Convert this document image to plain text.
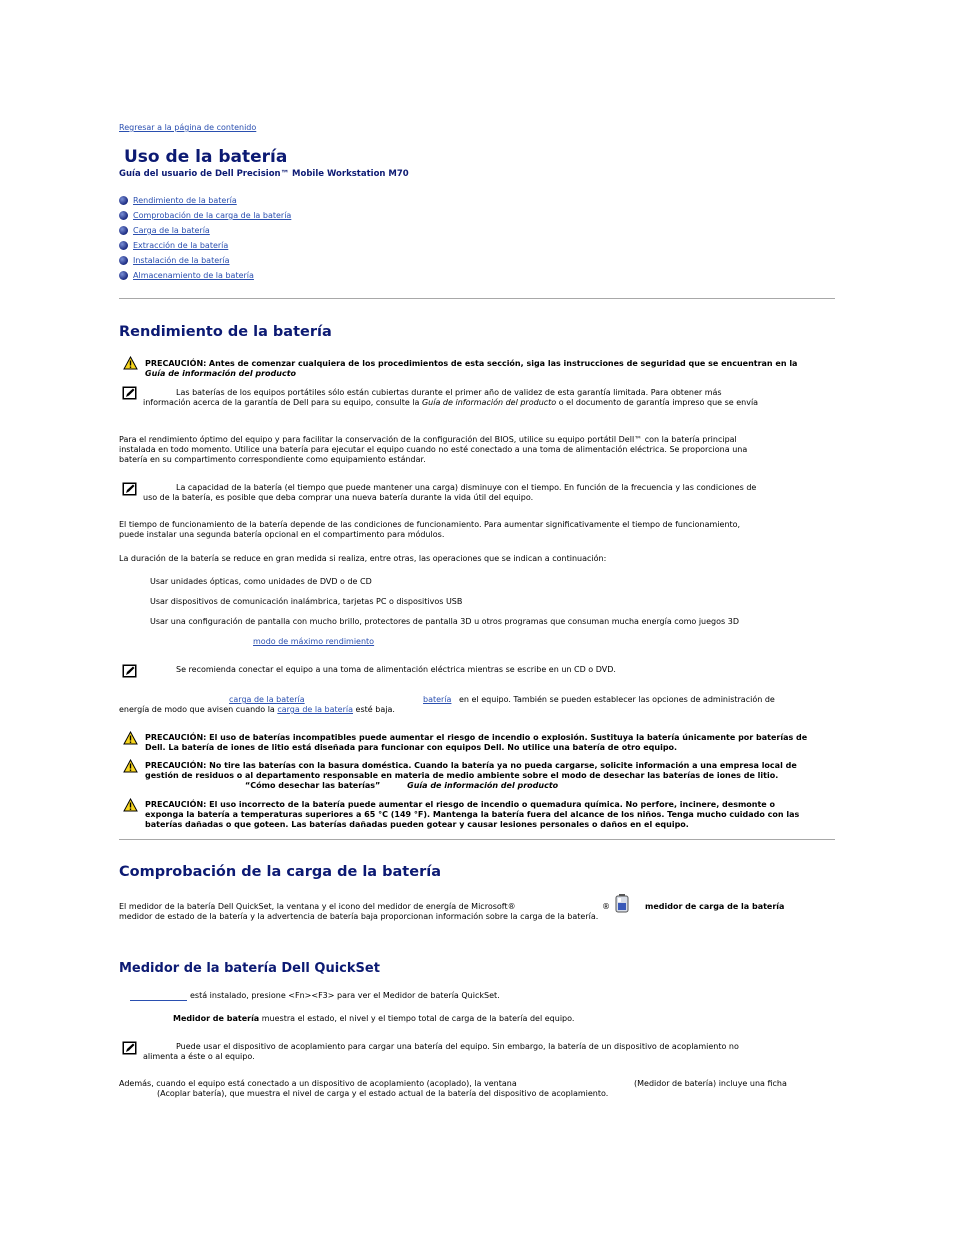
Regresar a la página de contenido
Uso de la batería
Guía del usuario de Dell Precision™ Mobile Workstation M70
Rendimiento de la batería
Comprobación de la carga de la batería
Carga de la batería
Extracción de la batería
Instalación de la batería
Almacenamiento de la batería
Rendimiento de la batería
PRECAUCIÓN: Antes de comenzar cualquiera de los procedimientos de esta sección, siga las instrucciones de seguridad que se encuentran en la
Guía de información del producto
Las baterías de los equipos portátiles sólo están cubiertas durante el primer año de validez de esta garantía limitada. Para obtener más
información acerca de la garantía de Dell para su equipo, consulte la Guía de información del producto o el documento de garantía impreso que se envía
Para el rendimiento óptimo del equipo y para facilitar la conservación de la configuración del BIOS, utilice su equipo portátil Dell™ con la batería principal
instalada en todo momento. Utilice una batería para ejecutar el equipo cuando no esté conectado a una toma de alimentación eléctrica. Se proporciona una
batería en su compartimento correspondiente como equipamiento estándar.
La capacidad de la batería (el tiempo que puede mantener una carga) disminuye con el tiempo. En función de la frecuencia y las condiciones de
uso de la batería, es posible que deba comprar una nueva batería durante la vida útil del equipo.
El tiempo de funcionamiento de la batería depende de las condiciones de funcionamiento. Para aumentar significativamente el tiempo de funcionamiento,
puede instalar una segunda batería opcional en el compartimento para módulos.
La duración de la batería se reduce en gran medida si realiza, entre otras, las operaciones que se indican a continuación:
Usar unidades ópticas, como unidades de DVD o de CD
Usar dispositivos de comunicación inalámbrica, tarjetas PC o dispositivos USB
Usar una configuración de pantalla con mucho brillo, protectores de pantalla 3D u otros programas que consuman mucha energía como juegos 3D
modo de máximo rendimiento
Se recomienda conectar el equipo a una toma de alimentación eléctrica mientras se escribe en un CD o DVD.
carga de la batería	batería en el equipo. También se pueden establecer las opciones de administración de
energía de modo que avisen cuando la carga de la batería esté baja.
PRECAUCIÓN: El uso de baterías incompatibles puede aumentar el riesgo de incendio o explosión. Sustituya la batería únicamente por baterías de
Dell. La batería de iones de litio está diseñada para funcionar con equipos Dell. No utilice una batería de otro equipo.
PRECAUCIÓN: No tire las baterías con la basura doméstica. Cuando la batería ya no pueda cargarse, solicite información a una empresa local de
gestión de residuos o al departamento responsable en materia de medio ambiente sobre el modo de desechar las baterías de iones de litio.
“Cómo desechar las baterías”	Guía de información del producto
PRECAUCIÓN: El uso incorrecto de la batería puede aumentar el riesgo de incendio o quemadura química. No perfore, incinere, desmonte o
exponga la batería a temperaturas superiores a 65 °C (149 °F). Mantenga la batería fuera del alcance de los niños. Tenga mucho cuidado con las
baterías dañadas o que goteen. Las baterías dañadas pueden gotear y causar lesiones personales o daños en el equipo.
Comprobación de la carga de la batería
El medidor de la batería Dell QuickSet, la ventana y el icono del medidor de energía de Microsoft®	®	medidor de carga de la batería
medidor de estado de la batería y la advertencia de batería baja proporcionan información sobre la carga de la batería.
Medidor de la batería Dell QuickSet
está instalado, presione <Fn><F3> para ver el Medidor de batería QuickSet.
Medidor de batería muestra el estado, el nivel y el tiempo total de carga de la batería del equipo.
Puede usar el dispositivo de acoplamiento para cargar una batería del equipo. Sin embargo, la batería de un dispositivo de acoplamiento no
alimenta a éste o al equipo.
Además, cuando el equipo está conectado a un dispositivo de acoplamiento (acoplado), la ventana	(Medidor de batería) incluye una ficha
(Acoplar batería), que muestra el nivel de carga y el estado actual de la batería del dispositivo de acoplamiento.
